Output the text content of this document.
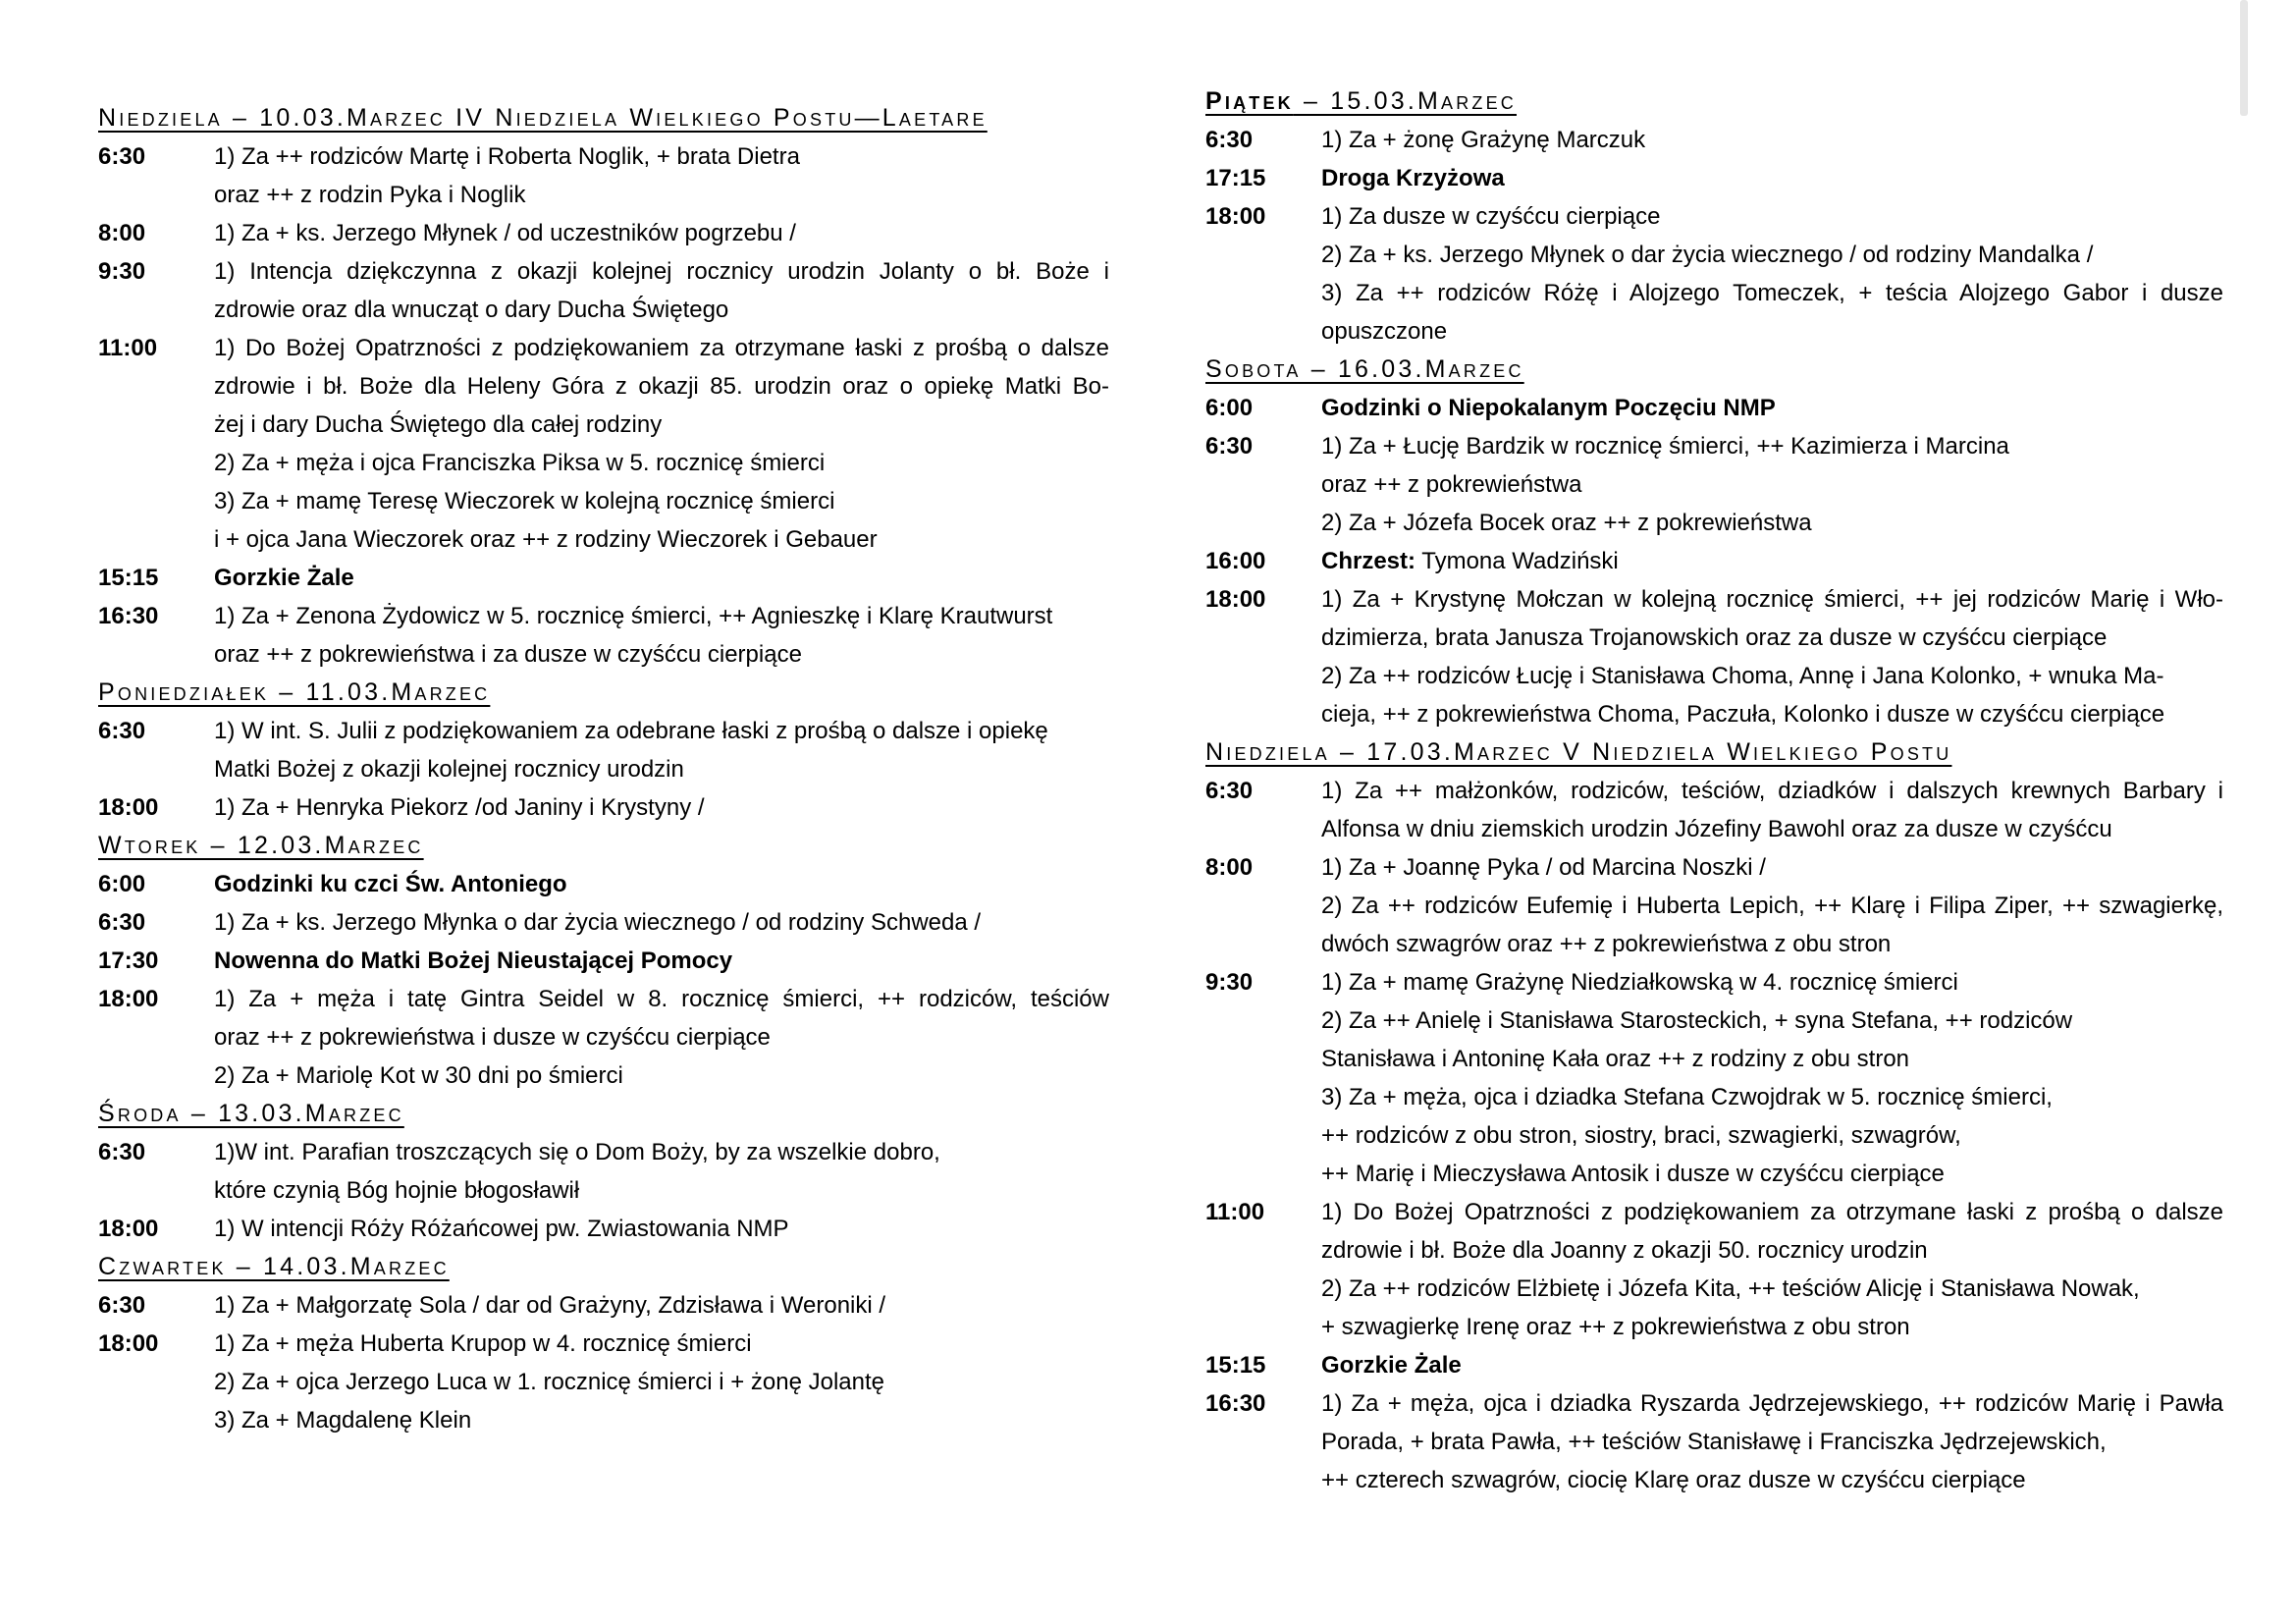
Niedziela – 10.03.Marzec IV Niedziela Wielkiego Postu—Laetare
6:30	1) Za ++ rodziców Martę i Roberta Noglik, + brata Dietra
oraz ++ z rodzin Pyka i Noglik
8:00	1) Za + ks. Jerzego Młynek / od uczestników pogrzebu /
9:30	1) Intencja dziękczynna z okazji kolejnej rocznicy urodzin Jolanty o bł. Boże i
zdrowie oraz dla wnucząt o dary Ducha Świętego
11:00	1) Do Bożej Opatrzności z podziękowaniem za otrzymane łaski z prośbą o dalsze
zdrowie i bł. Boże dla Heleny Góra z okazji 85. urodzin oraz o opiekę Matki Bo-
żej i dary Ducha Świętego dla całej rodziny
2) Za + męża i ojca Franciszka Piksa w 5. rocznicę śmierci
3) Za + mamę Teresę Wieczorek w kolejną rocznicę śmierci
i + ojca Jana Wieczorek oraz ++ z rodziny Wieczorek i Gebauer
15:15	Gorzkie Żale
16:30	1) Za + Zenona Żydowicz w 5. rocznicę śmierci, ++ Agnieszkę i Klarę Krautwurst
oraz ++ z pokrewieństwa i za dusze w czyśćcu cierpiące
Poniedziałek – 11.03.Marzec
6:30	1) W int. S. Julii z podziękowaniem za odebrane łaski z prośbą o dalsze i opiekę
Matki Bożej z okazji kolejnej rocznicy urodzin
18:00	1) Za + Henryka Piekorz /od Janiny i Krystyny /
Wtorek – 12.03.Marzec
6:00	Godzinki ku czci Św. Antoniego
6:30	1) Za + ks. Jerzego Młynka o dar życia wiecznego / od rodziny Schweda /
17:30	Nowenna do Matki Bożej Nieustającej Pomocy
18:00	1) Za + męża i tatę Gintra Seidel w 8. rocznicę śmierci, ++ rodziców, teściów
oraz ++ z pokrewieństwa i dusze w czyśćcu cierpiące
2) Za + Mariolę Kot w 30 dni po śmierci
Środa – 13.03.Marzec
6:30	1)W int. Parafian troszczących się o Dom Boży, by za wszelkie dobro,
które czynią Bóg hojnie błogosławił
18:00	1) W intencji Róży Różańcowej pw. Zwiastowania NMP
Czwartek – 14.03.Marzec
6:30	1) Za + Małgorzatę Sola / dar od Grażyny, Zdzisława i Weroniki /
18:00	1) Za + męża Huberta Krupop w 4. rocznicę śmierci
2) Za + ojca Jerzego Luca w 1. rocznicę śmierci i + żonę Jolantę
3) Za + Magdalenę Klein
Piątek – 15.03.Marzec
6:30	1) Za + żonę Grażynę Marczuk
17:15	Droga Krzyżowa
18:00	1) Za dusze w czyśćcu cierpiące
2) Za + ks. Jerzego Młynek o dar życia wiecznego / od rodziny Mandalka /
3) Za ++ rodziców Różę i Alojzego Tomeczek, + teścia Alojzego Gabor i dusze
opuszczone
Sobota – 16.03.Marzec
6:00	Godzinki o Niepokalanym Poczęciu NMP
6:30	1) Za + Łucję Bardzik w rocznicę śmierci, ++ Kazimierza i Marcina
oraz ++ z pokrewieństwa
2) Za + Józefa Bocek oraz ++ z pokrewieństwa
16:00	Chrzest: Tymona Wadziński
18:00	1) Za + Krystynę Mołczan w kolejną rocznicę śmierci, ++ jej rodziców Marię i Wło-
dzimierza, brata Janusza Trojanowskich oraz za dusze w czyśćcu cierpiące
2) Za ++ rodziców Łucję i Stanisława Choma, Annę i Jana Kolonko, + wnuka Ma-
cieja, ++ z pokrewieństwa Choma, Paczuła, Kolonko i dusze w czyśćcu cierpiące
Niedziela – 17.03.Marzec V Niedziela Wielkiego Postu
6:30	1) Za ++ małżonków, rodziców, teściów, dziadków i dalszych krewnych Barbary i
Alfonsa w dniu ziemskich urodzin Józefiny Bawohl oraz za dusze w czyśćcu
8:00	1) Za + Joannę Pyka / od Marcina Noszki /
2) Za ++ rodziców Eufemię i Huberta Lepich, ++ Klarę i Filipa Ziper, ++ szwagierkę,
dwóch szwagrów oraz ++ z pokrewieństwa z obu stron
9:30	1) Za + mamę Grażynę Niedziałkowską w 4. rocznicę śmierci
2) Za ++ Anielę i Stanisława Starosteckich, + syna Stefana, ++ rodziców
Stanisława i Antoninę Kała oraz ++ z rodziny z obu stron
3) Za + męża, ojca i dziadka Stefana Czwojdrak w 5. rocznicę śmierci,
++ rodziców z obu stron, siostry, braci, szwagierki, szwagrów,
++ Marię i Mieczysława Antosik i dusze w czyśćcu cierpiące
11:00	1) Do Bożej Opatrzności z podziękowaniem za otrzymane łaski z prośbą o dalsze
zdrowie i bł. Boże dla Joanny z okazji 50. rocznicy urodzin
2) Za ++ rodziców Elżbietę i Józefa Kita, ++ teściów Alicję i Stanisława Nowak,
+ szwagierkę Irenę oraz ++ z pokrewieństwa z obu stron
15:15	Gorzkie Żale
16:30	1) Za + męża, ojca i dziadka Ryszarda Jędrzejewskiego, ++ rodziców Marię i Pawła
Porada, + brata Pawła, ++ teściów Stanisławę i Franciszka Jędrzejewskich,
++ czterech szwagrów, ciocię Klarę oraz dusze w czyśćcu cierpiące
